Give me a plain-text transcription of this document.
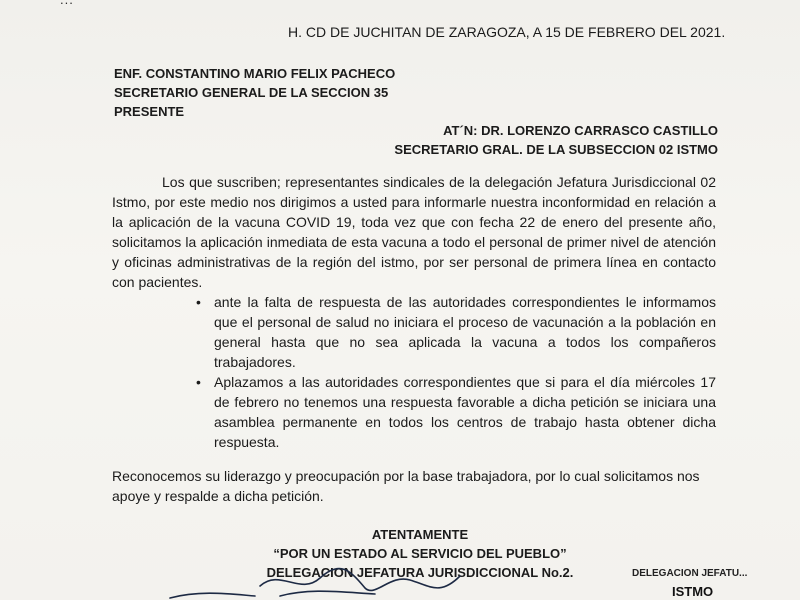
H. CD DE JUCHITAN DE ZARAGOZA, A 15 DE FEBRERO DEL 2021.
ENF. CONSTANTINO MARIO FELIX PACHECO
SECRETARIO GENERAL DE LA SECCION 35
PRESENTE
AT´N: DR. LORENZO CARRASCO CASTILLO
SECRETARIO GRAL. DE LA SUBSECCION 02 ISTMO

Los que suscriben; representantes sindicales de la delegación Jefatura Jurisdiccional 02 Istmo, por este medio nos dirigimos a usted para informarle nuestra inconformidad en relación a la aplicación de la vacuna COVID 19, toda vez que con fecha 22 de enero del presente año, solicitamos la aplicación inmediata de esta vacuna a todo el personal de primer nivel de atención y oficinas administrativas de la región del istmo, por ser personal de primera línea en contacto con pacientes.

• ante la falta de respuesta de las autoridades correspondientes le informamos que el personal de salud no iniciara el proceso de vacunación a la población en general hasta que no sea aplicada la vacuna a todos los compañeros trabajadores.
• Aplazamos a las autoridades correspondientes que si para el día miércoles 17 de febrero no tenemos una respuesta favorable a dicha petición se iniciara una asamblea permanente en todos los centros de trabajo hasta obtener dicha respuesta.

Reconocemos su liderazgo y preocupación por la base trabajadora, por lo cual solicitamos nos apoye y respalde a dicha petición.

ATENTAMENTE
“POR UN ESTADO AL SERVICIO DEL PUEBLO”
DELEGACION JEFATURA JURISDICCIONAL No.2.	DELEGACION JEFATU...
ISTMO
